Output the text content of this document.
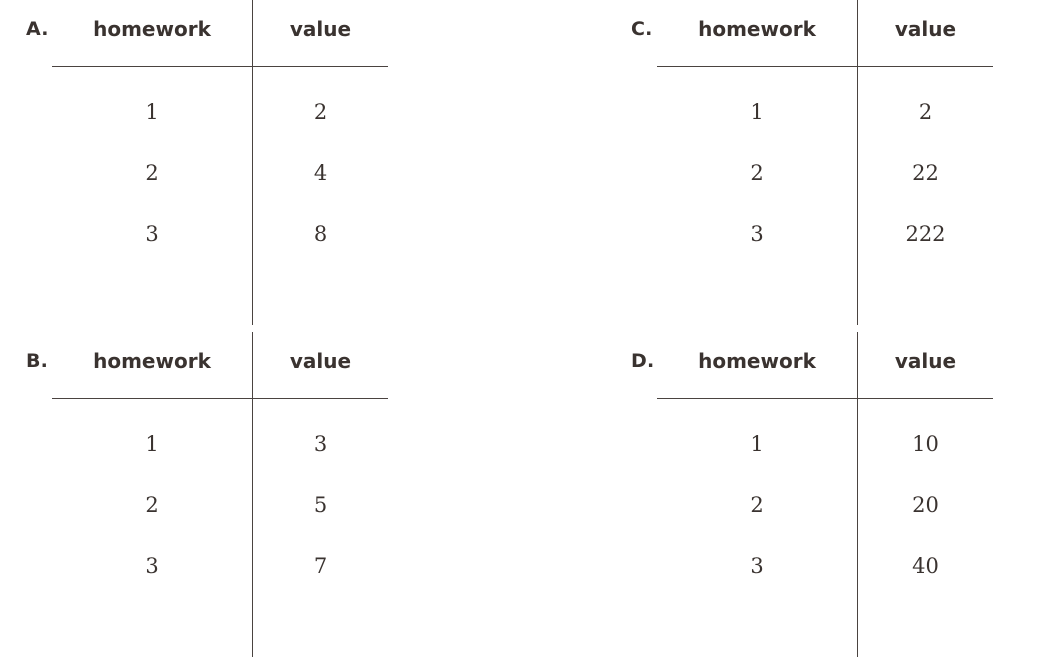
A. homework	value
1	2
2	4
3	8

B. homework	value
1	3
2	5
3	7

C. homework	value
1	2
2	22
3	222

D. homework	value
1	10
2	20
3	40
